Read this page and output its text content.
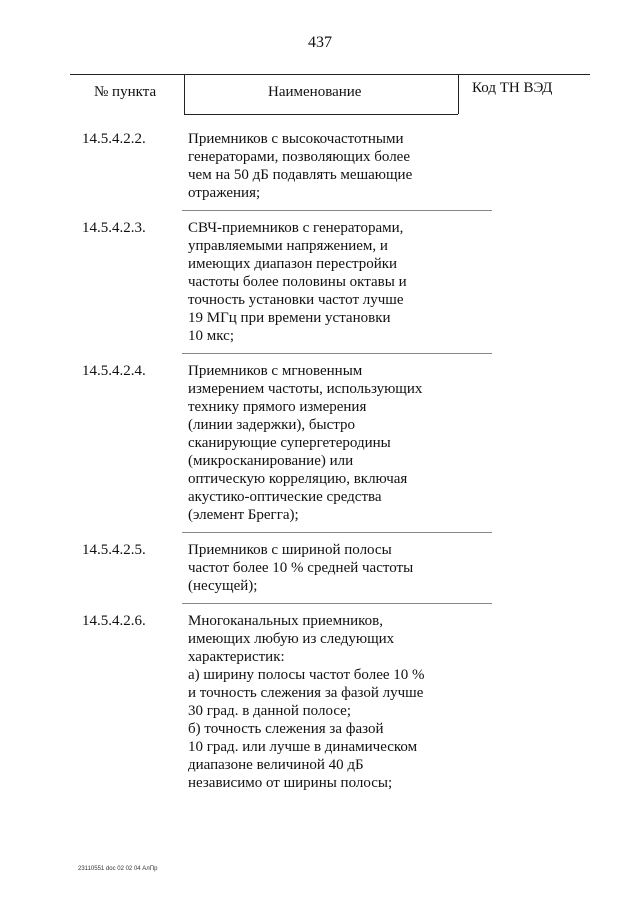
437
№ пункта	Наименование	Код ТН ВЭД
14.5.4.2.2.	Приемников с высокочастотными
генераторами, позволяющих более
чем на 50 дБ подавлять мешающие
отражения;
14.5.4.2.3.	СВЧ-приемников с генераторами,
управляемыми напряжением, и
имеющих диапазон перестройки
частоты более половины октавы и
точность установки частот лучше
19 МГц при времени установки
10 мкс;
14.5.4.2.4.	Приемников с мгновенным
измерением частоты, использующих
технику прямого измерения
(линии задержки), быстро
сканирующие супергетеродины
(микросканирование) или
оптическую корреляцию, включая
акустико-оптические средства
(элемент Брегга);
14.5.4.2.5.	Приемников с шириной полосы
частот более 10 % средней частоты
(несущей);
14.5.4.2.6.	Многоканальных приемников,
имеющих любую из следующих
характеристик:
а) ширину полосы частот более 10 %
и точность слежения за фазой лучше
30 град. в данной полосе;
б) точность слежения за фазой
10 град. или лучше в динамическом
диапазоне величиной 40 дБ
независимо от ширины полосы;
23110551 doc 02 02 04 АлПр
